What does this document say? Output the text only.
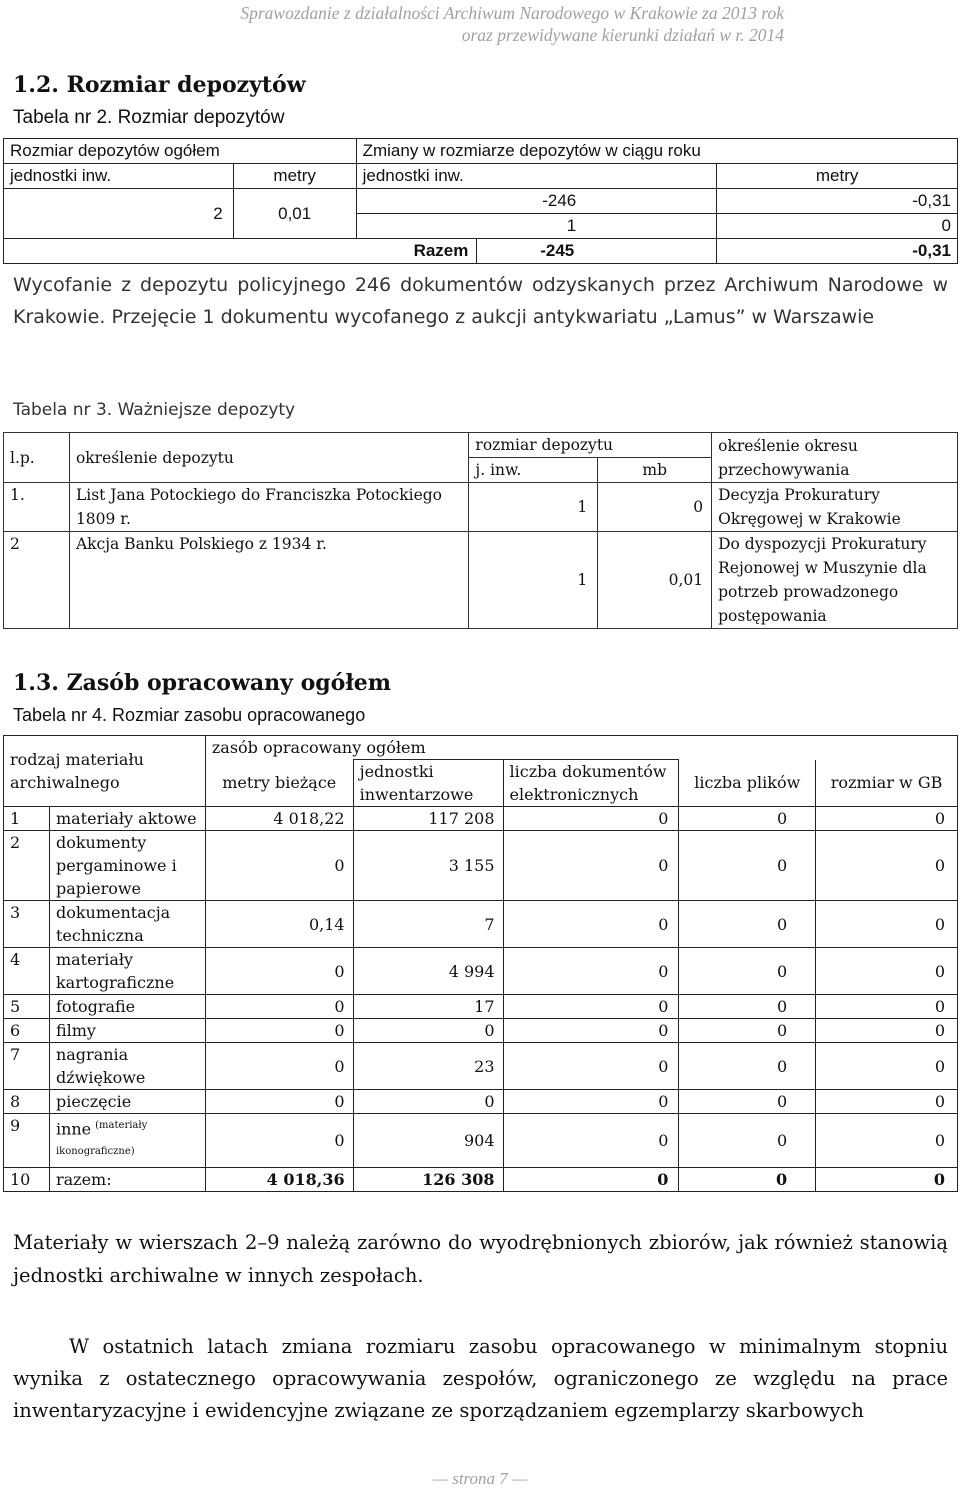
Sprawozdanie z działalności Archiwum Narodowego w Krakowie za 2013 rok
oraz przewidywane kierunki działań w r. 2014
1.2. Rozmiar depozytów
Tabela nr 2. Rozmiar depozytów
Rozmiar depozytów ogółem		Zmiany w rozmiarze depozytów w ciągu roku		
jednostki inw.	metry	jednostki inw.		metry
2	0,01	-246		-0,31
		1		0
Razem			-245	-0,31
Wycofanie z depozytu policyjnego 246 dokumentów odzyskanych przez Archiwum Narodowe w Krakowie. Przejęcie 1 dokumentu wycofanego z aukcji antykwariatu „Lamus” w Warszawie
Tabela nr 3. Ważniejsze depozyty
l.p.	określenie depozytu	rozmiar depozytu		określenie okresu przechowywania
		j. inw.	mb	
1.	List Jana Potockiego do Franciszka Potockiego 1809 r.	1	0	Decyzja Prokuratury Okręgowej w Krakowie
2	Akcja Banku Polskiego z 1934 r.	1	0,01	Do dyspozycji Prokuratury Rejonowej w Muszynie dla potrzeb prowadzonego postępowania
1.3. Zasób opracowany ogółem
Tabela nr 4. Rozmiar zasobu opracowanego
rodzaj materiału archiwalnego		zasób opracowany ogółem				
		metry bieżące	jednostki inwentarzowe	liczba dokumentów elektronicznych	liczba plików	rozmiar w GB
1	materiały aktowe	4 018,22	117 208	0	0	0
2	dokumenty pergaminowe i papierowe	0	3 155	0	0	0
3	dokumentacja techniczna	0,14	7	0	0	0
4	materiały kartograficzne	0	4 994	0	0	0
5	fotografie	0	17	0	0	0
6	filmy	0	0	0	0	0
7	nagrania dźwiękowe	0	23	0	0	0
8	pieczęcie	0	0	0	0	0
9	inne $^{(materiały ikonograficzne)}$	0	904	0	0	0
10	razem:	4 018,36	126 308	0	0	0
Materiały w wierszach 2–9 należą zarówno do wyodrębnionych zbiorów, jak również stanowią jednostki archiwalne w innych zespołach.
W ostatnich latach zmiana rozmiaru zasobu opracowanego w minimalnym stopniu wynika z ostatecznego opracowywania zespołów, ograniczonego ze względu na prace inwentaryzacyjne i ewidencyjne związane ze sporządzaniem egzemplarzy skarbowych
— strona 7 —
